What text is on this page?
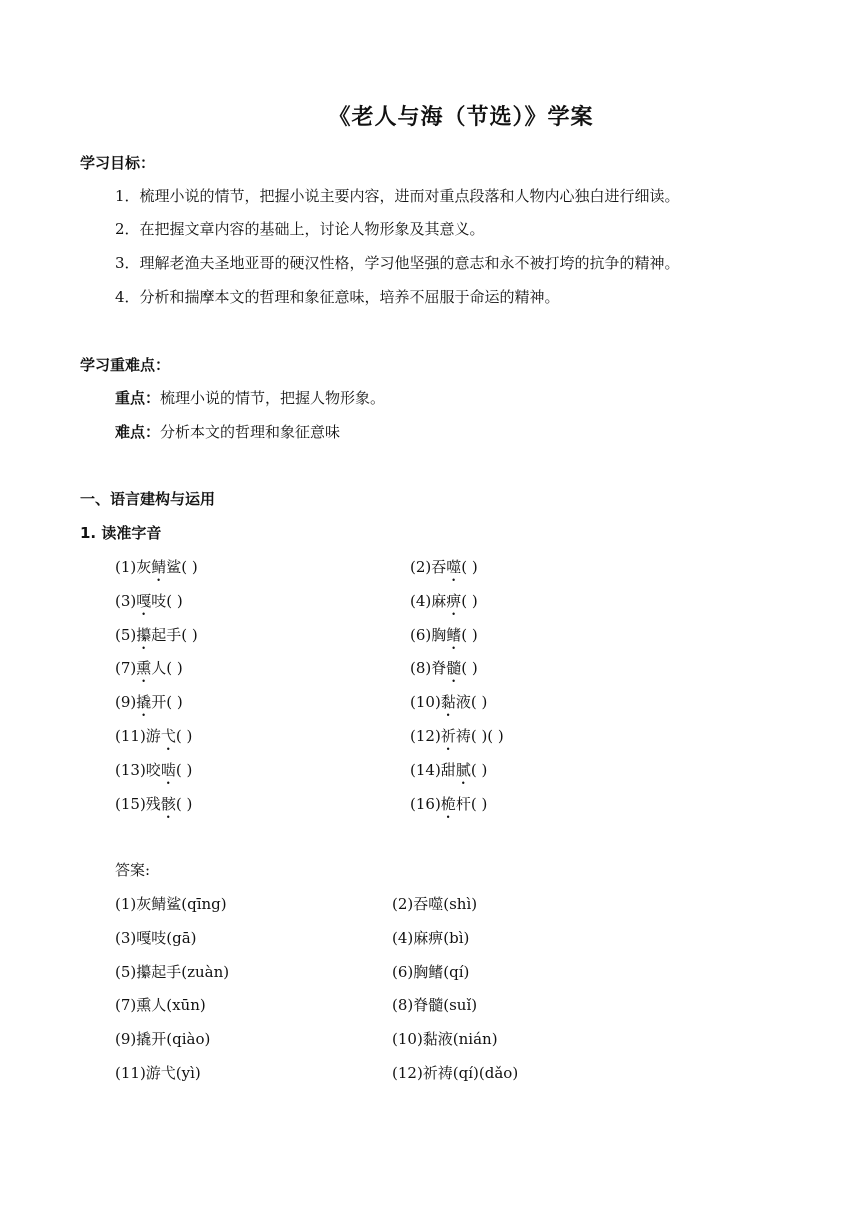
《老人与海（节选）》学案
学习目标：
1．梳理小说的情节，把握小说主要内容，进而对重点段落和人物内心独白进行细读。
2．在把握文章内容的基础上，讨论人物形象及其意义。
3．理解老渔夫圣地亚哥的硬汉性格，学习他坚强的意志和永不被打垮的抗争的精神。
4．分析和揣摩本文的哲理和象征意味，培养不屈服于命运的精神。
学习重难点：
重点：梳理小说的情节，把握人物形象。
难点：分析本文的哲理和象征意味
一、语言建构与运用
1. 读准字音
(1)灰鲭鲨( )	(2)吞噬( )
(3)嘎吱( )	(4)麻痹( )
(5)攥起手( )	(6)胸鳍( )
(7)熏人( )	(8)脊髓( )
(9)撬开( )	(10)黏液( )
(11)游弋( )	(12)祈祷( )( )
(13)咬啮( )	(14)甜腻( )
(15)残骸( )	(16)桅杆( )
答案:
(1)灰鲭鲨(qīng)	(2)吞噬(shì)
(3)嘎吱(gā)	(4)麻痹(bì)
(5)攥起手(zuàn)	(6)胸鳍(qí)
(7)熏人(xūn)	(8)脊髓(suǐ)
(9)撬开(qiào)	(10)黏液(nián)
(11)游弋(yì)	(12)祈祷(qí)(dǎo)
